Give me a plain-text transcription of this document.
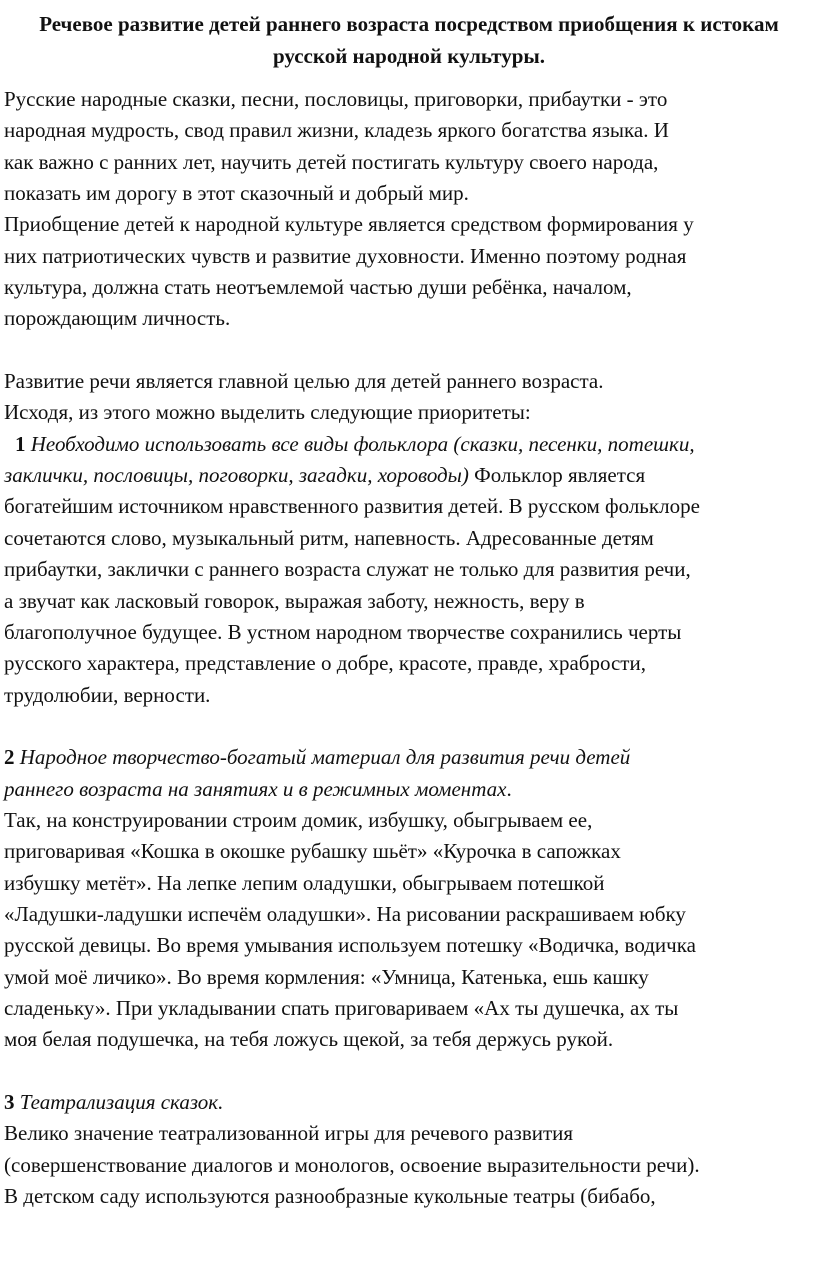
Речевое развитие детей раннего возраста посредством приобщения к истокам
русской народной культуры.
Русские народные сказки, песни, пословицы, приговорки, прибаутки - это
народная мудрость, свод правил жизни, кладезь яркого богатства языка. И
как важно с ранних лет, научить детей постигать культуру своего народа,
показать им дорогу в этот сказочный и добрый мир.
Приобщение детей к народной культуре является средством формирования у
них патриотических чувств и развитие духовности. Именно поэтому родная
культура, должна стать неотъемлемой частью души ребёнка, началом,
порождающим личность.
Развитие речи является главной целью для детей раннего возраста.
Исходя, из этого можно выделить следующие приоритеты:
1 Необходимо использовать все виды фольклора (сказки, песенки, потешки,
заклички, пословицы, поговорки, загадки, хороводы) Фольклор является
богатейшим источником нравственного развития детей. В русском фольклоре
сочетаются слово, музыкальный ритм, напевность. Адресованные детям
прибаутки, заклички с раннего возраста служат не только для развития речи,
а звучат как ласковый говорок, выражая заботу, нежность, веру в
благополучное будущее. В устном народном творчестве сохранились черты
русского характера, представление о добре, красоте, правде, храбрости,
трудолюбии, верности.
2 Народное творчество-богатый материал для развития речи детей
раннего возраста на занятиях и в режимных моментах.
Так, на конструировании строим домик, избушку, обыгрываем ее,
приговаривая «Кошка в окошке рубашку шьёт» «Курочка в сапожках
избушку метёт». На лепке лепим оладушки, обыгрываем потешкой
«Ладушки-ладушки испечём оладушки». На рисовании раскрашиваем юбку
русской девицы. Во время умывания используем потешку «Водичка, водичка
умой моё личико». Во время кормления: «Умница, Катенька, ешь кашку
сладеньку». При укладывании спать приговариваем «Ах ты душечка, ах ты
моя белая подушечка, на тебя ложусь щекой, за тебя держусь рукой.
3 Театрализация сказок.
Велико значение театрализованной игры для речевого развития
(совершенствование диалогов и монологов, освоение выразительности речи).
В детском саду используются разнообразные кукольные театры (бибабо,
